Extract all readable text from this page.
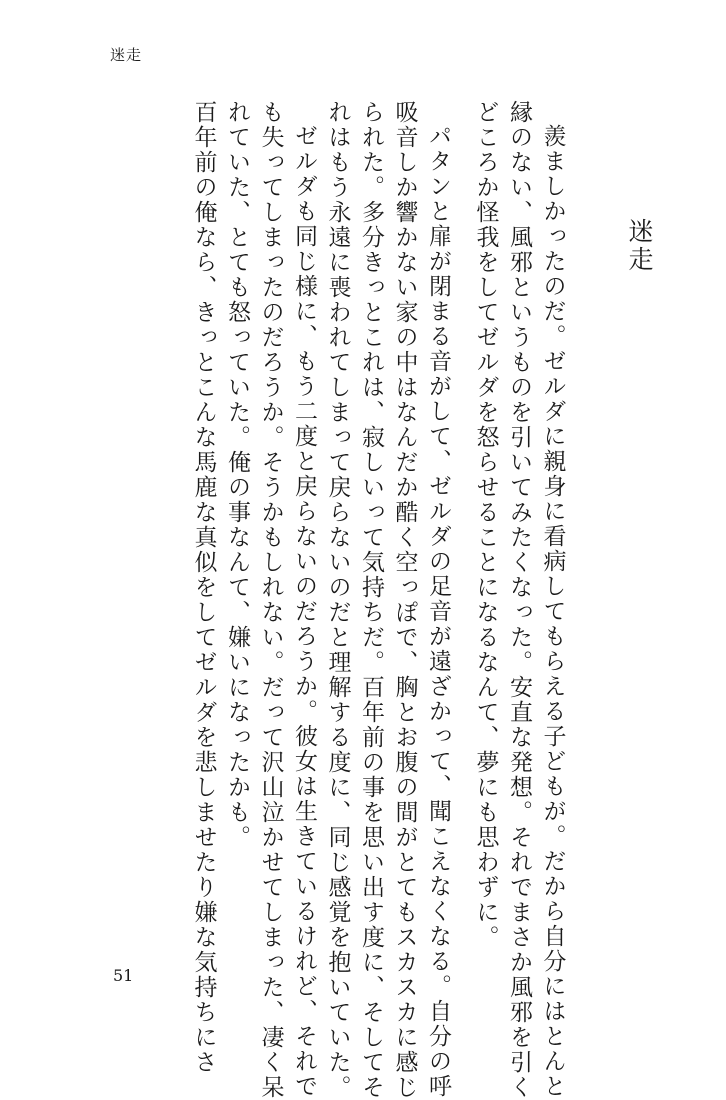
迷走
迷走
羨ましかったのだ。ゼルダに親身に看病してもらえる子どもが。だから自分にはとんと
縁のない、風邪というものを引いてみたくなった。安直な発想。それでまさか風邪を引く
どころか怪我をしてゼルダを怒らせることになるなんて、夢にも思わずに。
パタンと扉が閉まる音がして、ゼルダの足音が遠ざかって、聞こえなくなる。自分の呼
吸音しか響かない家の中はなんだか酷く空っぽで、胸とお腹の間がとてもスカスカに感じ
られた。多分きっとこれは、寂しいって気持ちだ。百年前の事を思い出す度に、そしてそ
れはもう永遠に喪われてしまって戻らないのだと理解する度に、同じ感覚を抱いていた。
ゼルダも同じ様に、もう二度と戻らないのだろうか。彼女は生きているけれど、それで
も失ってしまったのだろうか。そうかもしれない。だって沢山泣かせてしまった、凄く呆
れていた、とても怒っていた。俺の事なんて、嫌いになったかも。
百年前の俺なら、きっとこんな馬鹿な真似をしてゼルダを悲しませたり嫌な気持ちにさ
51
